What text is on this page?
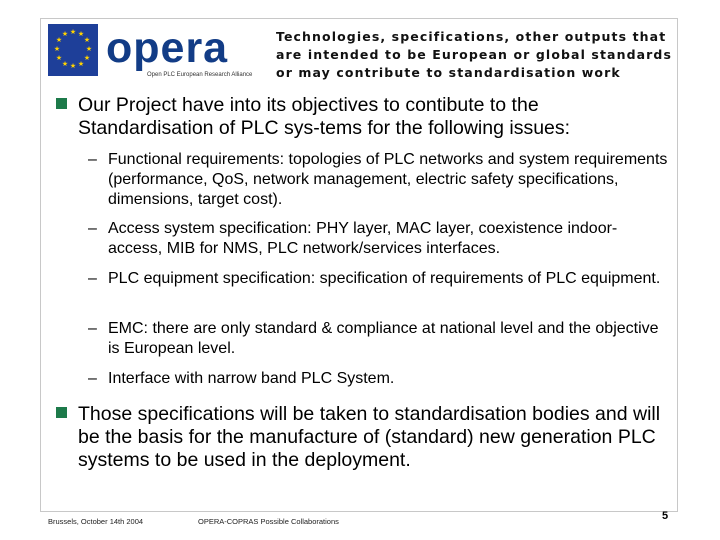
★ ★
★
★
★
★
★
★
★
★
★
★ opera
Open PLC European Research Alliance
Technologies, specifications, other outputs that are intended to be European or global standards or may contribute to standardisation work
Our Project have into its objectives to contibute to the Standardisation of PLC sys-tems for the following issues:
– Functional requirements: topologies of PLC networks and system requirements (performance, QoS, network management, electric safety specifications, dimensions, target cost).
– Access system specification: PHY layer, MAC layer, coexistence indoor-access, MIB for NMS, PLC network/services interfaces.
– PLC equipment specification: specification of requirements of PLC equipment.
– EMC: there are only standard & compliance at national level and the objective is European level.
– Interface with narrow band PLC System.
Those specifications will be taken to standardisation bodies and will be the basis for the manufacture of (standard) new generation PLC systems to be used in the deployment.
Brussels, October 14th 2004	OPERA-COPRAS Possible Collaborations	5
